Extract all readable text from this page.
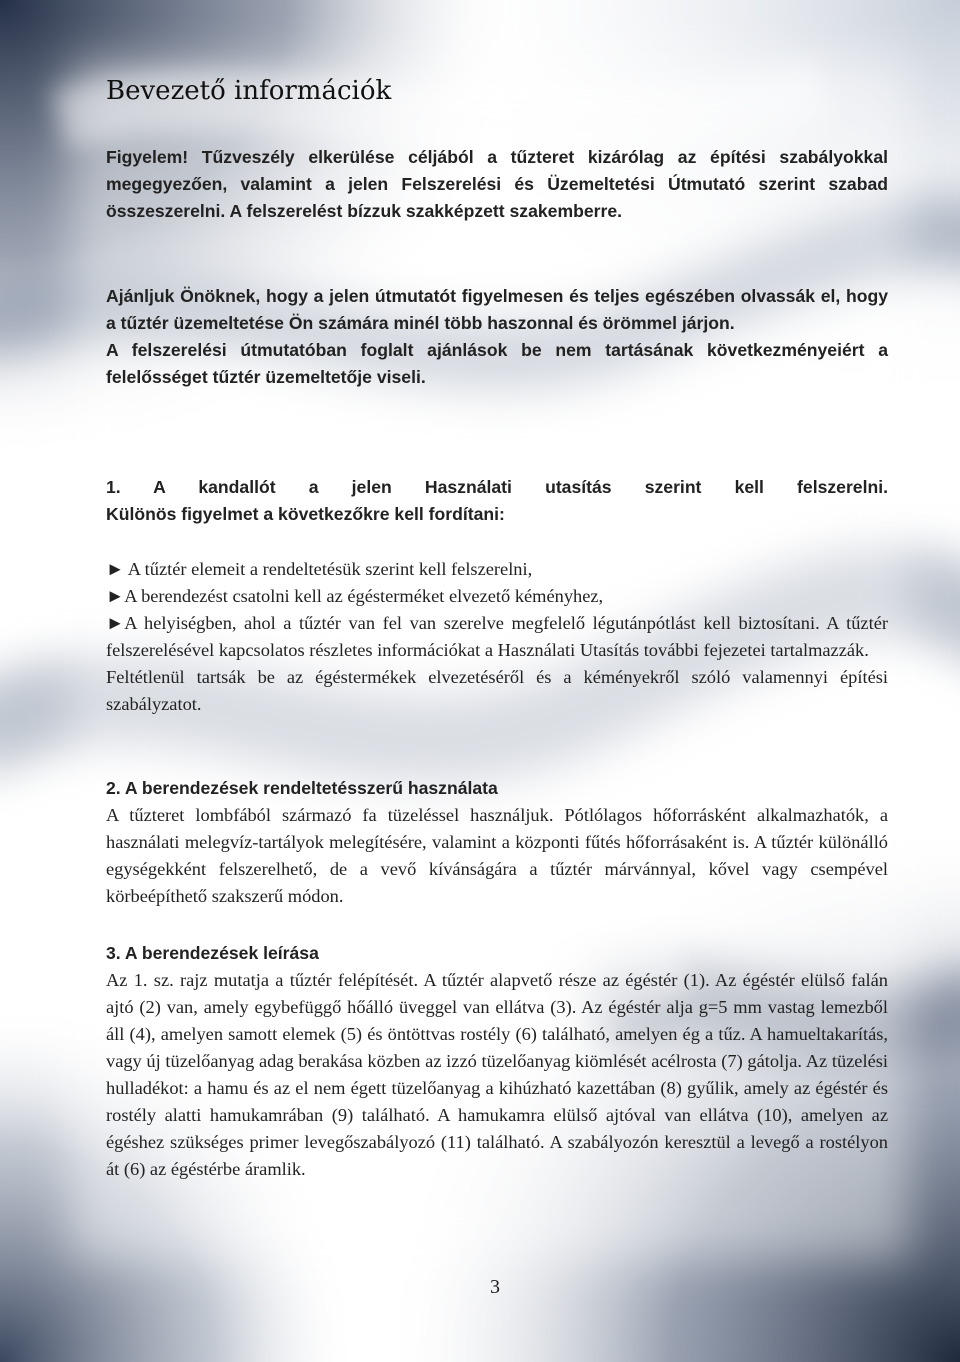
Bevezető információk

Figyelem! Tűzveszély elkerülése céljából a tűzteret kizárólag az építési szabályokkal megegyezően, valamint a jelen Felszerelési és Üzemeltetési Útmutató szerint szabad összeszerelni. A felszerelést bízzuk szakképzett szakemberre.

Ajánljuk Önöknek, hogy a jelen útmutatót figyelmesen és teljes egészében olvassák el, hogy a tűztér üzemeltetése Ön számára minél több haszonnal és örömmel járjon.

A felszerelési útmutatóban foglalt ajánlások be nem tartásának következményeiért a felelősséget tűztér üzemeltetője viseli.

1. A kandallót a jelen Használati utasítás szerint kell felszerelni.

Különös figyelmet a következőkre kell fordítani:

► A tűztér elemeit a rendeltetésük szerint kell felszerelni,

►A berendezést csatolni kell az égésterméket elvezető kéményhez,

►A helyiségben, ahol a tűztér van fel van szerelve megfelelő légutánpótlást kell biztosítani. A tűztér felszerelésével kapcsolatos részletes információkat a Használati Utasítás további fejezetei tartalmazzák.

Feltétlenül tartsák be az égéstermékek elvezetéséről és a kéményekről szóló valamennyi építési szabályzatot.

2. A berendezések rendeltetésszerű használata

A tűzteret lombfából származó fa tüzeléssel használjuk. Pótlólagos hőforrásként alkalmazhatók, a használati melegvíz-tartályok melegítésére, valamint a központi fűtés hőforrásaként is. A tűztér különálló egységekként felszerelhető, de a vevő kívánságára a tűztér márvánnyal, kővel vagy csempével körbeépíthető szakszerű módon.

3. A berendezések leírása

Az 1. sz. rajz mutatja a tűztér felépítését. A tűztér alapvető része az égéstér (1). Az égéstér elülső falán ajtó (2) van, amely egybefüggő hőálló üveggel van ellátva (3). Az égéstér alja g=5 mm vastag lemezből áll (4), amelyen samott elemek (5) és öntöttvas rostély (6) található, amelyen ég a tűz. A hamueltakarítás, vagy új tüzelőanyag adag berakása közben az izzó tüzelőanyag kiömlését acélrosta (7) gátolja. Az tüzelési hulladékot: a hamu és az el nem égett tüzelőanyag a kihúzható kazettában (8) gyűlik, amely az égéstér és rostély alatti hamukamrában (9) található. A hamukamra elülső ajtóval van ellátva (10), amelyen az égéshez szükséges primer levegőszabályozó (11) található. A szabályozón keresztül a levegő a rostélyon át (6) az égéstérbe áramlik.

3
